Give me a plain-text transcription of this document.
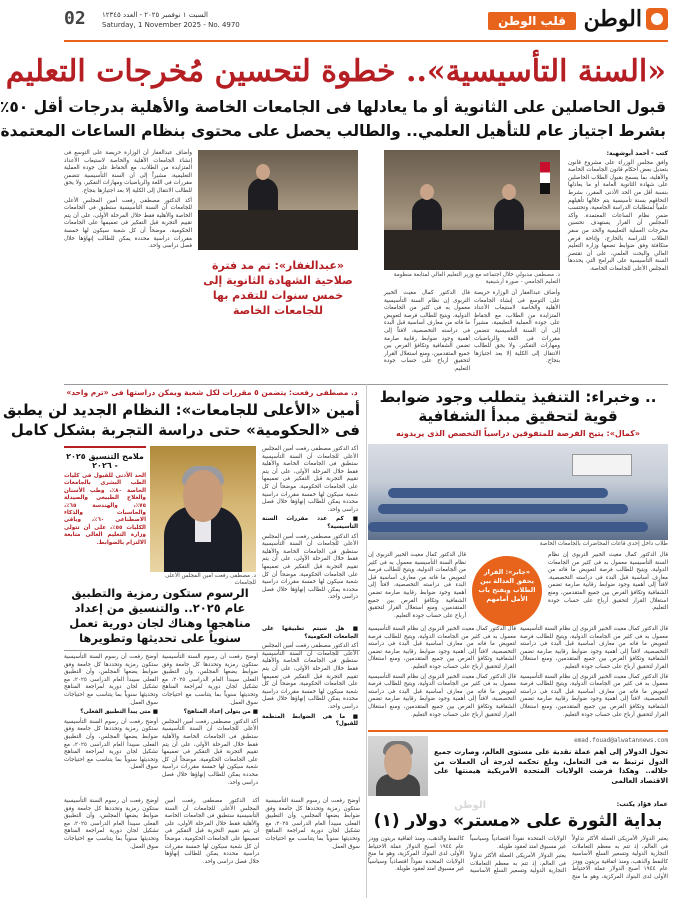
الوطن
قلب الوطن
السبت ١ نوفمبر ٢٠٢٥ - العدد ١٢٣٤٥
Saturday, 1 November 2025 - No. 4970
02
«السنة التأسيسية».. خطوة لتحسين مُخرجات التعليم
قبول الحاصلين على الثانوية أو ما يعادلها فى الجامعات الخاصة والأهلية بدرجات أقل ٥٠٪
بشرط اجتياز عام للتأهيل العلمي.. والطالب يحصل على محتوى بنظام الساعات المعتمدة
كتب - أحمد أبوشهبة:

وافق مجلس الوزراء على مشروع قانون بتعديل بعض أحكام قانون الجامعات الخاصة والأهلية، بما يسمح بقبول الطلاب الحاصلين على شهادة الثانوية العامة أو ما يعادلها بنسبة أقل من الحد الأدنى المقرر، بشرط التحاقهم بسنة تأسيسية يتم خلالها تأهيلهم علمياً لمتطلبات الدراسة الجامعية، وتحتسب ضمن نظام الساعات المعتمدة. وأكد المجلس أن القرار يستهدف تحسين مخرجات العملية التعليمية والحد من سفر الطلاب للدراسة بالخارج، وإتاحة فرص متكافئة وفق ضوابط تضعها وزارة التعليم العالي والبحث العلمي، على أن تقتصر السنة التأسيسية على البرامج التي يحددها المجلس الأعلى للجامعات الخاصة.

د. مصطفى مدبولي خلال اجتماعه مع وزير التعليم العالي لمتابعة منظومة التعليم الجامعي - صورة أرشيفية

وأضاف عبدالغفار أن الوزارة حريصة على التوسع فى إنشاء الجامعات الأهلية والخاصة لاستيعاب الأعداد المتزايدة من الطلاب، مع الحفاظ على جودة العملية التعليمية، مشيراً إلى أن السنة التأسيسية تتضمن مقررات فى اللغة والرياضيات ومهارات التفكير، ولا يحق للطالب الانتقال إلى الكلية إلا بعد اجتيازها بنجاح.

قال الدكتور كمال مغيث الخبير التربوى إن نظام السنة التأسيسية معمول به فى كثير من الجامعات الدولية، ويتيح للطالب فرصة لتعويض ما فاته من معارف أساسية قبل البدء فى دراسته التخصصية، لافتاً إلى أهمية وجود ضوابط رقابية صارمة تضمن الشفافية وتكافؤ الفرص بين جميع المتقدمين، ومنع استغلال القرار لتحقيق أرباح على حساب جودة التعليم.

«عبدالغفار»: تم مد فترة صلاحية الشهادة الثانوية إلى خمس سنوات للتقدم بها للجامعات الخاصة

وأضاف عبدالغفار أن الوزارة حريصة على التوسع فى إنشاء الجامعات الأهلية والخاصة لاستيعاب الأعداد المتزايدة من الطلاب، مع الحفاظ على جودة العملية التعليمية، مشيراً إلى أن السنة التأسيسية تتضمن مقررات فى اللغة والرياضيات ومهارات التفكير، ولا يحق للطالب الانتقال إلى الكلية إلا بعد اجتيازها بنجاح.

أكد الدكتور مصطفى رفعت أمين المجلس الأعلى للجامعات أن السنة التأسيسية ستطبق فى الجامعات الخاصة والأهلية فقط خلال المرحلة الأولى، على أن يتم تقييم التجربة قبل التفكير فى تعميمها على الجامعات الحكومية، موضحاً أن كل شعبة سيكون لها خمسة مقررات دراسية محددة يمكن للطالب إنهاؤها خلال فصل دراسى واحد.

.. وخبراء: التنفيذ يتطلب وجود ضوابط قوية لتحقيق مبدأ الشفافية
«كمال»: يتيح الفرصة للمتفوقين دراسياً التخصص الذى يريدونه
طلاب داخل إحدى قاعات المحاضرات بالجامعات الخاصة

قال الدكتور كمال مغيث الخبير التربوى إن نظام السنة التأسيسية معمول به فى كثير من الجامعات الدولية، ويتيح للطالب فرصة لتعويض ما فاته من معارف أساسية قبل البدء فى دراسته التخصصية، لافتاً إلى أهمية وجود ضوابط رقابية صارمة تضمن الشفافية وتكافؤ الفرص بين جميع المتقدمين، ومنع استغلال القرار لتحقيق أرباح على حساب جودة التعليم.

«جابر»: القرار يحقق العدالة بين الطلاب ويفتح باب الأمل أمامهم

قال الدكتور كمال مغيث الخبير التربوى إن نظام السنة التأسيسية معمول به فى كثير من الجامعات الدولية، ويتيح للطالب فرصة لتعويض ما فاته من معارف أساسية قبل البدء فى دراسته التخصصية، لافتاً إلى أهمية وجود ضوابط رقابية صارمة تضمن الشفافية وتكافؤ الفرص بين جميع المتقدمين، ومنع استغلال القرار لتحقيق أرباح على حساب جودة التعليم.

د. مصطفى رفعت: يتضمن ٥ مقررات لكل شعبة ويمكن دراستها فى «ترم واحد»
أمين «الأعلى للجامعات»: النظام الجديد لن يطبق
فى «الحكومية» حتى دراسة التجربة بشكل كامل
د. مصطفى رفعت أمين المجلس الأعلى للجامعات

أكد الدكتور مصطفى رفعت أمين المجلس الأعلى للجامعات أن السنة التأسيسية ستطبق فى الجامعات الخاصة والأهلية فقط خلال المرحلة الأولى، على أن يتم تقييم التجربة قبل التفكير فى تعميمها على الجامعات الحكومية، موضحاً أن كل شعبة سيكون لها خمسة مقررات دراسية محددة يمكن للطالب إنهاؤها خلال فصل دراسى واحد.

■ كم عدد مقررات السنة التأسيسية؟

أكد الدكتور مصطفى رفعت أمين المجلس الأعلى للجامعات أن السنة التأسيسية ستطبق فى الجامعات الخاصة والأهلية فقط خلال المرحلة الأولى، على أن يتم تقييم التجربة قبل التفكير فى تعميمها على الجامعات الحكومية، موضحاً أن كل شعبة سيكون لها خمسة مقررات دراسية محددة يمكن للطالب إنهاؤها خلال فصل دراسى واحد.

ملامح التنسيق ٢٠٢٥ - ٢٠٢٦
الحد الأدنى للقبول فى كليات الطب البشرى بالجامعات الخاصة ٨٠٪، وطب الأسنان والعلاج الطبيعى والصيدلة ٧٥٪، والهندسة ٦٥٪، والحاسبات والذكاء الاصطناعى ٦٠٪، وباقى الكليات ٥٥٪، على أن تتولى وزارة التعليم العالى متابعة الالتزام بالضوابط.
الرسوم ستكون رمزية والتطبيق
عام ٢٠٢٥.. والتنسيق من إعداد
مناهجها وهناك لجان دورية تعمل
سنوياً على تحديثها وتطويرها

أوضح رفعت أن رسوم السنة التأسيسية ستكون رمزية وتحددها كل جامعة وفق ضوابط يضعها المجلس، وأن التطبيق الفعلى سيبدأ العام الدراسى ٢٠٢٥، مع تشكيل لجان دورية لمراجعة المناهج وتحديثها سنوياً بما يتناسب مع احتياجات سوق العمل.

■ متى يبدأ التطبيق الفعلى؟

أوضح رفعت أن رسوم السنة التأسيسية ستكون رمزية وتحددها كل جامعة وفق ضوابط يضعها المجلس، وأن التطبيق الفعلى سيبدأ العام الدراسى ٢٠٢٥، مع تشكيل لجان دورية لمراجعة المناهج وتحديثها سنوياً بما يتناسب مع احتياجات سوق العمل.

أوضح رفعت أن رسوم السنة التأسيسية ستكون رمزية وتحددها كل جامعة وفق ضوابط يضعها المجلس، وأن التطبيق الفعلى سيبدأ العام الدراسى ٢٠٢٥، مع تشكيل لجان دورية لمراجعة المناهج وتحديثها سنوياً بما يتناسب مع احتياجات سوق العمل.

■ من يتولى إعداد المناهج؟

أكد الدكتور مصطفى رفعت أمين المجلس الأعلى للجامعات أن السنة التأسيسية ستطبق فى الجامعات الخاصة والأهلية فقط خلال المرحلة الأولى، على أن يتم تقييم التجربة قبل التفكير فى تعميمها على الجامعات الحكومية، موضحاً أن كل شعبة سيكون لها خمسة مقررات دراسية محددة يمكن للطالب إنهاؤها خلال فصل دراسى واحد.

■ هل سيتم تطبيقها على الجامعات الحكومية؟

أكد الدكتور مصطفى رفعت أمين المجلس الأعلى للجامعات أن السنة التأسيسية ستطبق فى الجامعات الخاصة والأهلية فقط خلال المرحلة الأولى، على أن يتم تقييم التجربة قبل التفكير فى تعميمها على الجامعات الحكومية، موضحاً أن كل شعبة سيكون لها خمسة مقررات دراسية محددة يمكن للطالب إنهاؤها خلال فصل دراسى واحد.

■ ما هى الضوابط المنظمة للقبول؟

قال الدكتور كمال مغيث الخبير التربوى إن نظام السنة التأسيسية معمول به فى كثير من الجامعات الدولية، ويتيح للطالب فرصة لتعويض ما فاته من معارف أساسية قبل البدء فى دراسته التخصصية، لافتاً إلى أهمية وجود ضوابط رقابية صارمة تضمن الشفافية وتكافؤ الفرص بين جميع المتقدمين، ومنع استغلال القرار لتحقيق أرباح على حساب جودة التعليم.

قال الدكتور كمال مغيث الخبير التربوى إن نظام السنة التأسيسية معمول به فى كثير من الجامعات الدولية، ويتيح للطالب فرصة لتعويض ما فاته من معارف أساسية قبل البدء فى دراسته التخصصية، لافتاً إلى أهمية وجود ضوابط رقابية صارمة تضمن الشفافية وتكافؤ الفرص بين جميع المتقدمين، ومنع استغلال القرار لتحقيق أرباح على حساب جودة التعليم.

قال الدكتور كمال مغيث الخبير التربوى إن نظام السنة التأسيسية معمول به فى كثير من الجامعات الدولية، ويتيح للطالب فرصة لتعويض ما فاته من معارف أساسية قبل البدء فى دراسته التخصصية، لافتاً إلى أهمية وجود ضوابط رقابية صارمة تضمن الشفافية وتكافؤ الفرص بين جميع المتقدمين، ومنع استغلال القرار لتحقيق أرباح على حساب جودة التعليم.

قال الدكتور كمال مغيث الخبير التربوى إن نظام السنة التأسيسية معمول به فى كثير من الجامعات الدولية، ويتيح للطالب فرصة لتعويض ما فاته من معارف أساسية قبل البدء فى دراسته التخصصية، لافتاً إلى أهمية وجود ضوابط رقابية صارمة تضمن الشفافية وتكافؤ الفرص بين جميع المتقدمين، ومنع استغلال القرار لتحقيق أرباح على حساب جودة التعليم.

emad.fouad@alwatannews.com
تحول الدولار إلى أهم عملة نقدية على مستوى العالم، وصارت جميع الدول ترتبط به فى التعامل، وبلغ تحكمه لدرجة أن العملات من خلاله.. وهكذا فرضت الولايات المتحدة الأمريكية هيمنتها على الاقتصاد العالمى
الوطن	عماد فؤاد يكتب:
بداية الثورة على «مستر» دولار (١)

يعتبر الدولار الأمريكى العملة الأكثر تداولاً فى العالم، إذ تتم به معظم التعاملات التجارية الدولية وتسعير السلع الأساسية كالنفط والذهب، ومنذ اتفاقية بريتون وودز عام ١٩٤٤ أصبح الدولار عملة الاحتياط الأولى لدى البنوك المركزية، وهو ما منح الولايات المتحدة نفوذاً اقتصادياً وسياسياً غير مسبوق امتد لعقود طويلة.

يعتبر الدولار الأمريكى العملة الأكثر تداولاً فى العالم، إذ تتم به معظم التعاملات التجارية الدولية وتسعير السلع الأساسية كالنفط والذهب، ومنذ اتفاقية بريتون وودز عام ١٩٤٤ أصبح الدولار عملة الاحتياط الأولى لدى البنوك المركزية، وهو ما منح الولايات المتحدة نفوذاً اقتصادياً وسياسياً غير مسبوق امتد لعقود طويلة.

أوضح رفعت أن رسوم السنة التأسيسية ستكون رمزية وتحددها كل جامعة وفق ضوابط يضعها المجلس، وأن التطبيق الفعلى سيبدأ العام الدراسى ٢٠٢٥، مع تشكيل لجان دورية لمراجعة المناهج وتحديثها سنوياً بما يتناسب مع احتياجات سوق العمل.

أكد الدكتور مصطفى رفعت أمين المجلس الأعلى للجامعات أن السنة التأسيسية ستطبق فى الجامعات الخاصة والأهلية فقط خلال المرحلة الأولى، على أن يتم تقييم التجربة قبل التفكير فى تعميمها على الجامعات الحكومية، موضحاً أن كل شعبة سيكون لها خمسة مقررات دراسية محددة يمكن للطالب إنهاؤها خلال فصل دراسى واحد.

أوضح رفعت أن رسوم السنة التأسيسية ستكون رمزية وتحددها كل جامعة وفق ضوابط يضعها المجلس، وأن التطبيق الفعلى سيبدأ العام الدراسى ٢٠٢٥، مع تشكيل لجان دورية لمراجعة المناهج وتحديثها سنوياً بما يتناسب مع احتياجات سوق العمل.
